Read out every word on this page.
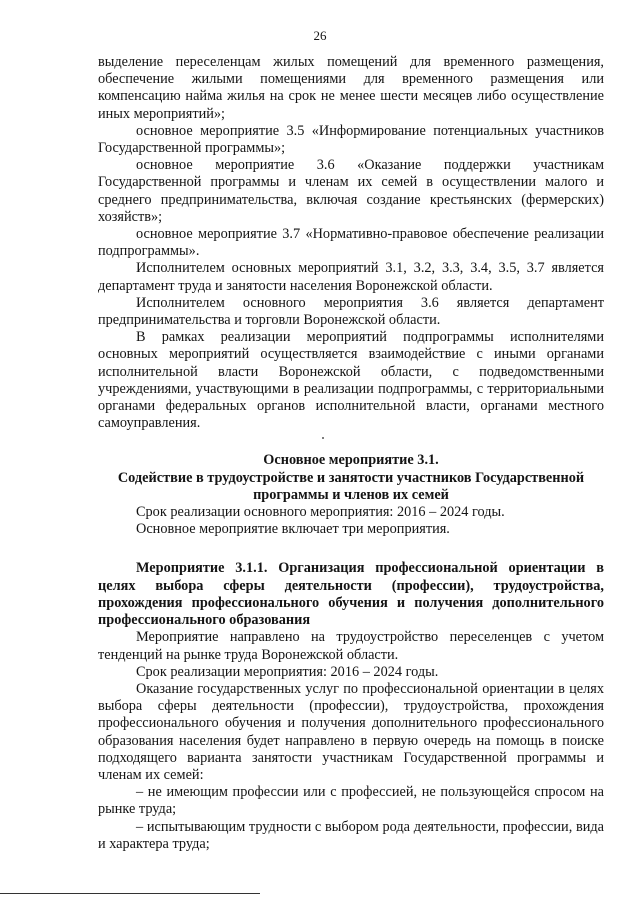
26

выделение переселенцам жилых помещений для временного размещения, обеспечение жилыми помещениями для временного размещения или компенсацию найма жилья на срок не менее шести месяцев либо осуществление иных мероприятий»;

основное мероприятие 3.5 «Информирование потенциальных участников Государственной программы»;

основное мероприятие 3.6 «Оказание поддержки участникам Государственной программы и членам их семей в осуществлении малого и среднего предпринимательства, включая создание крестьянских (фермерских) хозяйств»;

основное мероприятие 3.7 «Нормативно-правовое обеспечение реализации подпрограммы».

Исполнителем основных мероприятий 3.1, 3.2, 3.3, 3.4, 3.5, 3.7 является департамент труда и занятости населения Воронежской области.

Исполнителем основного мероприятия 3.6 является департамент предпринимательства и торговли Воронежской области.

В рамках реализации мероприятий подпрограммы исполнителями основных мероприятий осуществляется взаимодействие с иными органами исполнительной власти Воронежской области, с подведомственными учреждениями, участвующими в реализации подпрограммы, с территориальными органами федеральных органов исполнительной власти, органами местного самоуправления.

Основное мероприятие 3.1.

Содействие в трудоустройстве и занятости участников Государственной программы и членов их семей

Срок реализации основного мероприятия: 2016 – 2024 годы.

Основное мероприятие включает три мероприятия.

Мероприятие 3.1.1. Организация профессиональной ориентации в целях выбора сферы деятельности (профессии), трудоустройства, прохождения профессионального обучения и получения дополнительного профессионального образования

Мероприятие направлено на трудоустройство переселенцев с учетом тенденций на рынке труда Воронежской области.

Срок реализации мероприятия: 2016 – 2024 годы.

Оказание государственных услуг по профессиональной ориентации в целях выбора сферы деятельности (профессии), трудоустройства, прохождения профессионального обучения и получения дополнительного профессионального образования населения будет направлено в первую очередь на помощь в поиске подходящего варианта занятости участникам Государственной программы и членам их семей:

– не имеющим профессии или с профессией, не пользующейся спросом на рынке труда;

– испытывающим трудности с выбором рода деятельности, профессии, вида и характера труда;
